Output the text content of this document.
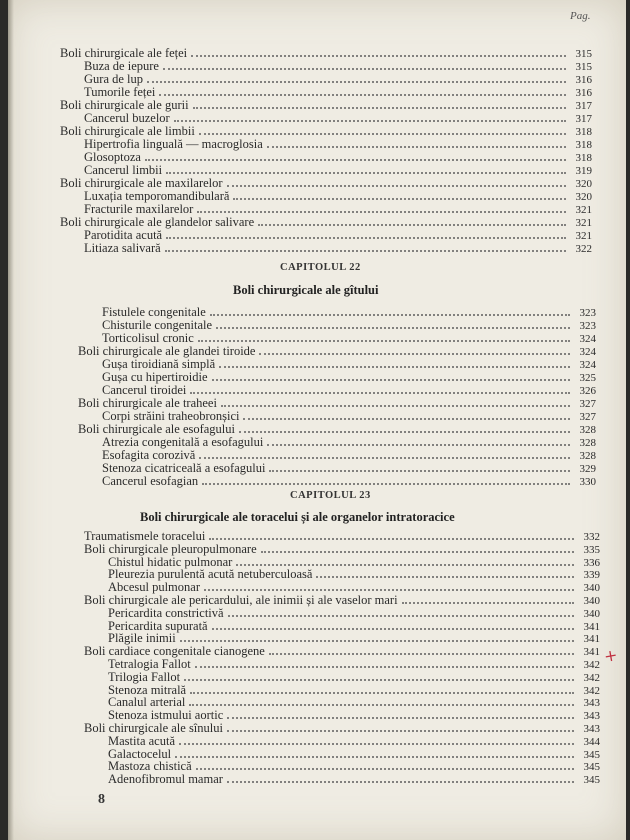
Pag.
Boli chirurgicale ale feței	315
Buza de iepure	315
Gura de lup	316
Tumorile feței	316
Boli chirurgicale ale gurii	317
Cancerul buzelor	317
Boli chirurgicale ale limbii	318
Hipertrofia linguală — macroglosia	318
Glosoptoza	318
Cancerul limbii	319
Boli chirurgicale ale maxilarelor	320
Luxația temporomandibulară	320
Fracturile maxilarelor	321
Boli chirurgicale ale glandelor salivare	321
Parotidita acută	321
Litiaza salivară	322
Fistulele congenitale	323
Chisturile congenitale	323
Torticolisul cronic	324
Boli chirurgicale ale glandei tiroide	324
Gușa tiroidiană simplă	324
Gușa cu hipertiroidie	325
Cancerul tiroidei	326
Boli chirurgicale ale traheei	327
Corpi străini traheobronșici	327
Boli chirurgicale ale esofagului	328
Atrezia congenitală a esofagului	328
Esofagita corozivă	328
Stenoza cicatriceală a esofagului	329
Cancerul esofagian	330
Traumatismele toracelui	332
Boli chirurgicale pleuropulmonare	335
Chistul hidatic pulmonar	336
Pleurezia purulentă acută netuberculoasă	339
Abcesul pulmonar	340
Boli chirurgicale ale pericardului, ale inimii și ale vaselor mari	340
Pericardita constrictivă	340
Pericardita supurată	341
Plăgile inimii	341
Boli cardiace congenitale cianogene	341
Tetralogia Fallot	342
Trilogia Fallot	342
Stenoza mitrală	342
Canalul arterial	343
Stenoza istmului aortic	343
Boli chirurgicale ale sînului	343
Mastita acută	344
Galactocelul	345
Mastoza chistică	345
Adenofibromul mamar	345
CAPITOLUL 22
Boli chirurgicale ale gîtului
CAPITOLUL 23
Boli chirurgicale ale toracelui și ale organelor intratoracice
+
8
